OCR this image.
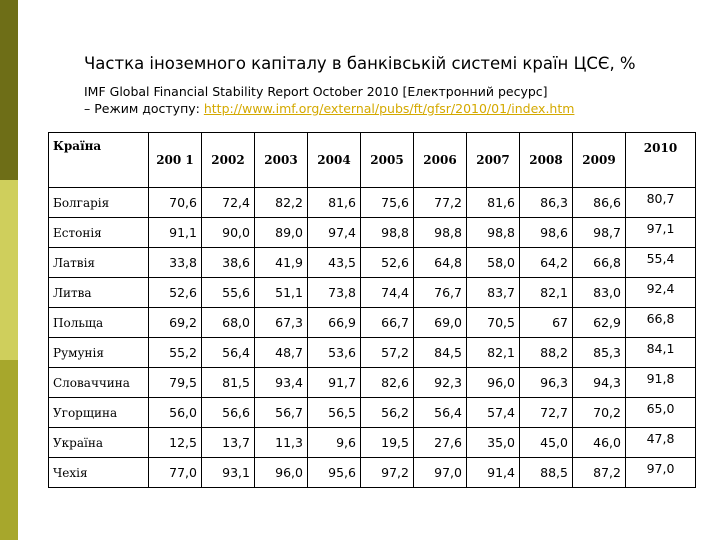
Частка іноземного капіталу в банківській системі країн ЦСЄ, %
IMF Global Financial Stability Report October 2010 [Електронний ресурс]
– Режим доступу: http://www.imf.org/external/pubs/ft/gfsr/2010/01/index.htm
Країна	200 1	2002	2003	2004	2005	2006	2007	2008	2009	2010
Болгарія	70,6	72,4	82,2	81,6	75,6	77,2	81,6	86,3	86,6	80,7
Естонія	91,1	90,0	89,0	97,4	98,8	98,8	98,8	98,6	98,7	97,1
Латвія	33,8	38,6	41,9	43,5	52,6	64,8	58,0	64,2	66,8	55,4
Литва	52,6	55,6	51,1	73,8	74,4	76,7	83,7	82,1	83,0	92,4
Польща	69,2	68,0	67,3	66,9	66,7	69,0	70,5	67	62,9	66,8
Румунія	55,2	56,4	48,7	53,6	57,2	84,5	82,1	88,2	85,3	84,1
Словаччина	79,5	81,5	93,4	91,7	82,6	92,3	96,0	96,3	94,3	91,8
Угорщина	56,0	56,6	56,7	56,5	56,2	56,4	57,4	72,7	70,2	65,0
Україна	12,5	13,7	11,3	9,6	19,5	27,6	35,0	45,0	46,0	47,8
Чехія	77,0	93,1	96,0	95,6	97,2	97,0	91,4	88,5	87,2	97,0
